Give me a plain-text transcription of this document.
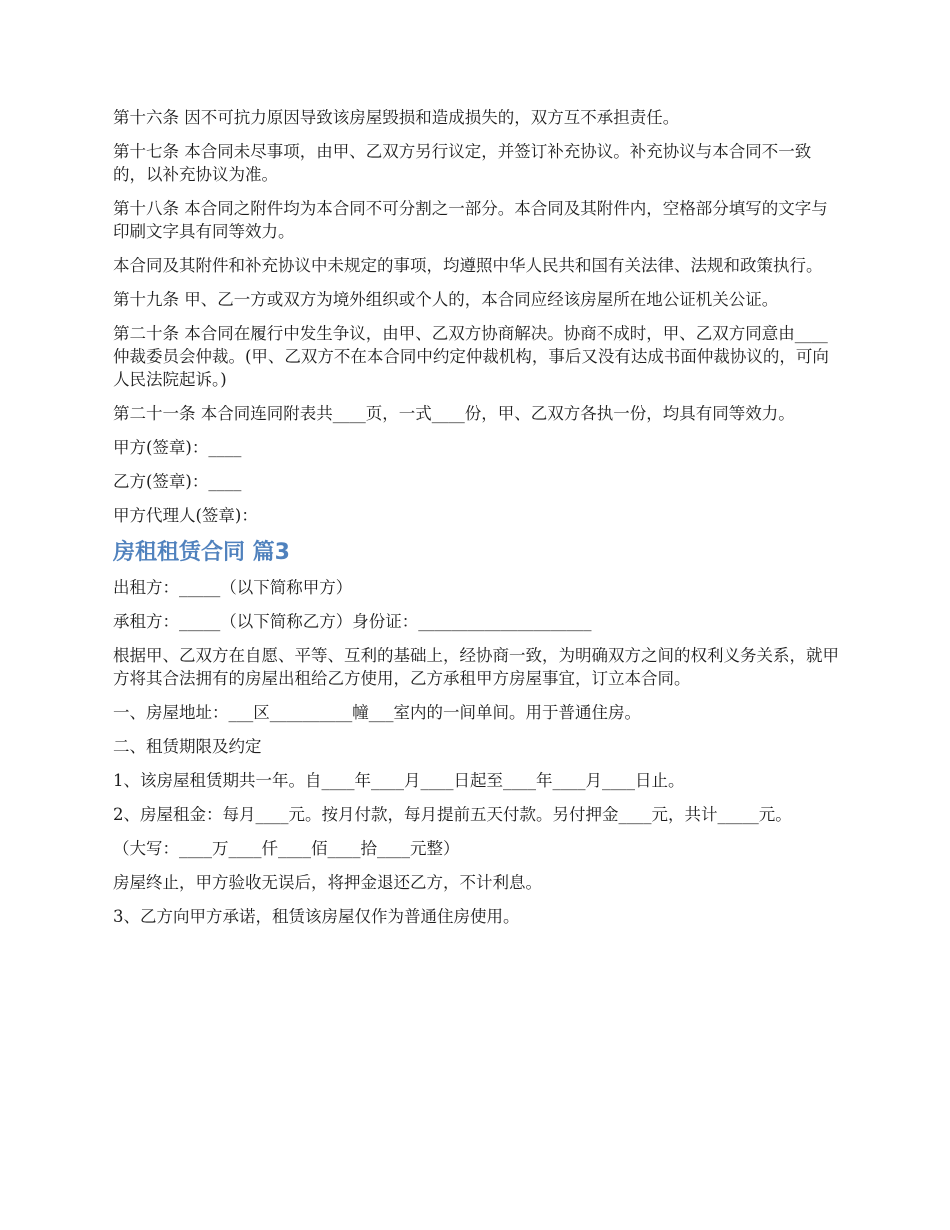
第十六条 因不可抗力原因导致该房屋毁损和造成损失的，双方互不承担责任。

第十七条 本合同未尽事项，由甲、乙双方另行议定，并签订补充协议。补充协议与本合同不一致的，以补充协议为准。

第十八条 本合同之附件均为本合同不可分割之一部分。本合同及其附件内，空格部分填写的文字与印刷文字具有同等效力。

本合同及其附件和补充协议中未规定的事项，均遵照中华人民共和国有关法律、法规和政策执行。

第十九条 甲、乙一方或双方为境外组织或个人的，本合同应经该房屋所在地公证机关公证。

第二十条 本合同在履行中发生争议，由甲、乙双方协商解决。协商不成时，甲、乙双方同意由____仲裁委员会仲裁。(甲、乙双方不在本合同中约定仲裁机构，事后又没有达成书面仲裁协议的，可向人民法院起诉。)

第二十一条 本合同连同附表共____页，一式____份，甲、乙双方各执一份，均具有同等效力。

甲方(签章)：____

乙方(签章)：____

甲方代理人(签章)：

房租租赁合同 篇3

出租方：_____（以下简称甲方）

承租方：_____（以下简称乙方）身份证：_____________________

根据甲、乙双方在自愿、平等、互利的基础上，经协商一致，为明确双方之间的权利义务关系，就甲方将其合法拥有的房屋出租给乙方使用，乙方承租甲方房屋事宜，订立本合同。

一、房屋地址：___区__________幢___室内的一间单间。用于普通住房。

二、租赁期限及约定

1、该房屋租赁期共一年。自____年____月____日起至____年____月____日止。

2、房屋租金：每月____元。按月付款，每月提前五天付款。另付押金____元，共计_____元。

（大写：____万____仟____佰____拾____元整）

房屋终止，甲方验收无误后，将押金退还乙方，不计利息。

3、乙方向甲方承诺，租赁该房屋仅作为普通住房使用。
